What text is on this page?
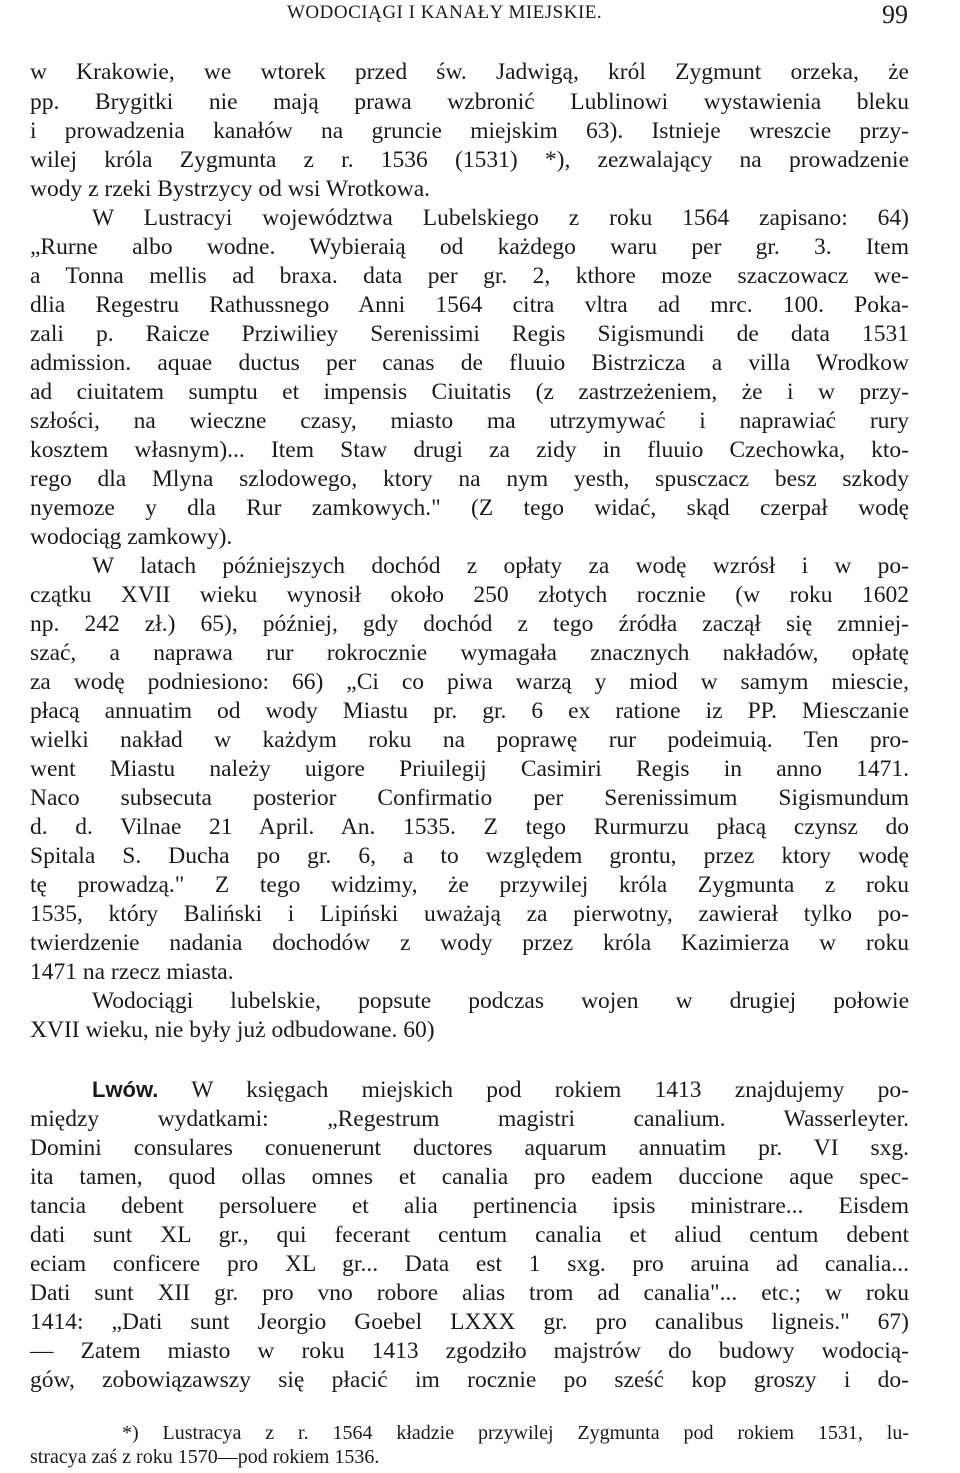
WODOCIĄGI I KANAŁY MIEJSKIE.	99
w Krakowie, we wtorek przed św. Jadwigą, król Zygmunt orzeka, że
pp. Brygitki nie mają prawa wzbronić Lublinowi wystawienia bleku
i prowadzenia kanałów na gruncie miejskim 63). Istnieje wreszcie przy-
wilej króla Zygmunta z r. 1536 (1531) *), zezwalający na prowadzenie
wody z rzeki Bystrzycy od wsi Wrotkowa.
W Lustracyi województwa Lubelskiego z roku 1564 zapisano: 64)
„Rurne albo wodne. Wybieraią od każdego waru per gr. 3. Item
a Tonna mellis ad braxa. data per gr. 2, kthore moze szaczowacz we-
dlia Regestru Rathussnego Anni 1564 citra vltra ad mrc. 100. Poka-
zali p. Raicze Prziwiliey Serenissimi Regis Sigismundi de data 1531
admission. aquae ductus per canas de fluuio Bistrzicza a villa Wrodkow
ad ciuitatem sumptu et impensis Ciuitatis (z zastrzeżeniem, że i w przy-
szłości, na wieczne czasy, miasto ma utrzymywać i naprawiać rury
kosztem własnym)... Item Staw drugi za zidy in fluuio Czechowka, kto-
rego dla Mlyna szlodowego, ktory na nym yesth, spusczacz besz szkody
nyemoze y dla Rur zamkowych." (Z tego widać, skąd czerpał wodę
wodociąg zamkowy).
W latach późniejszych dochód z opłaty za wodę wzrósł i w po-
czątku XVII wieku wynosił około 250 złotych rocznie (w roku 1602
np. 242 zł.) 65), później, gdy dochód z tego źródła zaczął się zmniej-
szać, a naprawa rur rokrocznie wymagała znacznych nakładów, opłatę
za wodę podniesiono: 66) „Ci co piwa warzą y miod w samym miescie,
płacą annuatim od wody Miastu pr. gr. 6 ex ratione iz PP. Miesczanie
wielki nakład w każdym roku na poprawę rur podeimuią. Ten pro-
went Miastu należy uigore Priuilegij Casimiri Regis in anno 1471.
Naco subsecuta posterior Confirmatio per Serenissimum Sigismundum
d. d. Vilnae 21 April. An. 1535. Z tego Rurmurzu płacą czynsz do
Spitala S. Ducha po gr. 6, a to względem grontu, przez ktory wodę
tę prowadzą." Z tego widzimy, że przywilej króla Zygmunta z roku
1535, który Baliński i Lipiński uważają za pierwotny, zawierał tylko po-
twierdzenie nadania dochodów z wody przez króla Kazimierza w roku
1471 na rzecz miasta.
Wodociągi lubelskie, popsute podczas wojen w drugiej połowie
XVII wieku, nie były już odbudowane. 60)
Lwów. W księgach miejskich pod rokiem 1413 znajdujemy po-
między wydatkami: „Regestrum magistri canalium. Wasserleyter.
Domini consulares conuenerunt ductores aquarum annuatim pr. VI sxg.
ita tamen, quod ollas omnes et canalia pro eadem duccione aque spec-
tancia debent persoluere et alia pertinencia ipsis ministrare... Eisdem
dati sunt XL gr., qui fecerant centum canalia et aliud centum debent
eciam conficere pro XL gr... Data est 1 sxg. pro aruina ad canalia...
Dati sunt XII gr. pro vno robore alias trom ad canalia"... etc.; w roku
1414: „Dati sunt Jeorgio Goebel LXXX gr. pro canalibus ligneis." 67)
— Zatem miasto w roku 1413 zgodziło majstrów do budowy wodocią-
gów, zobowiązawszy się płacić im rocznie po sześć kop groszy i do-
*) Lustracya z r. 1564 kładzie przywilej Zygmunta pod rokiem 1531, lu-
stracya zaś z roku 1570—pod rokiem 1536.
